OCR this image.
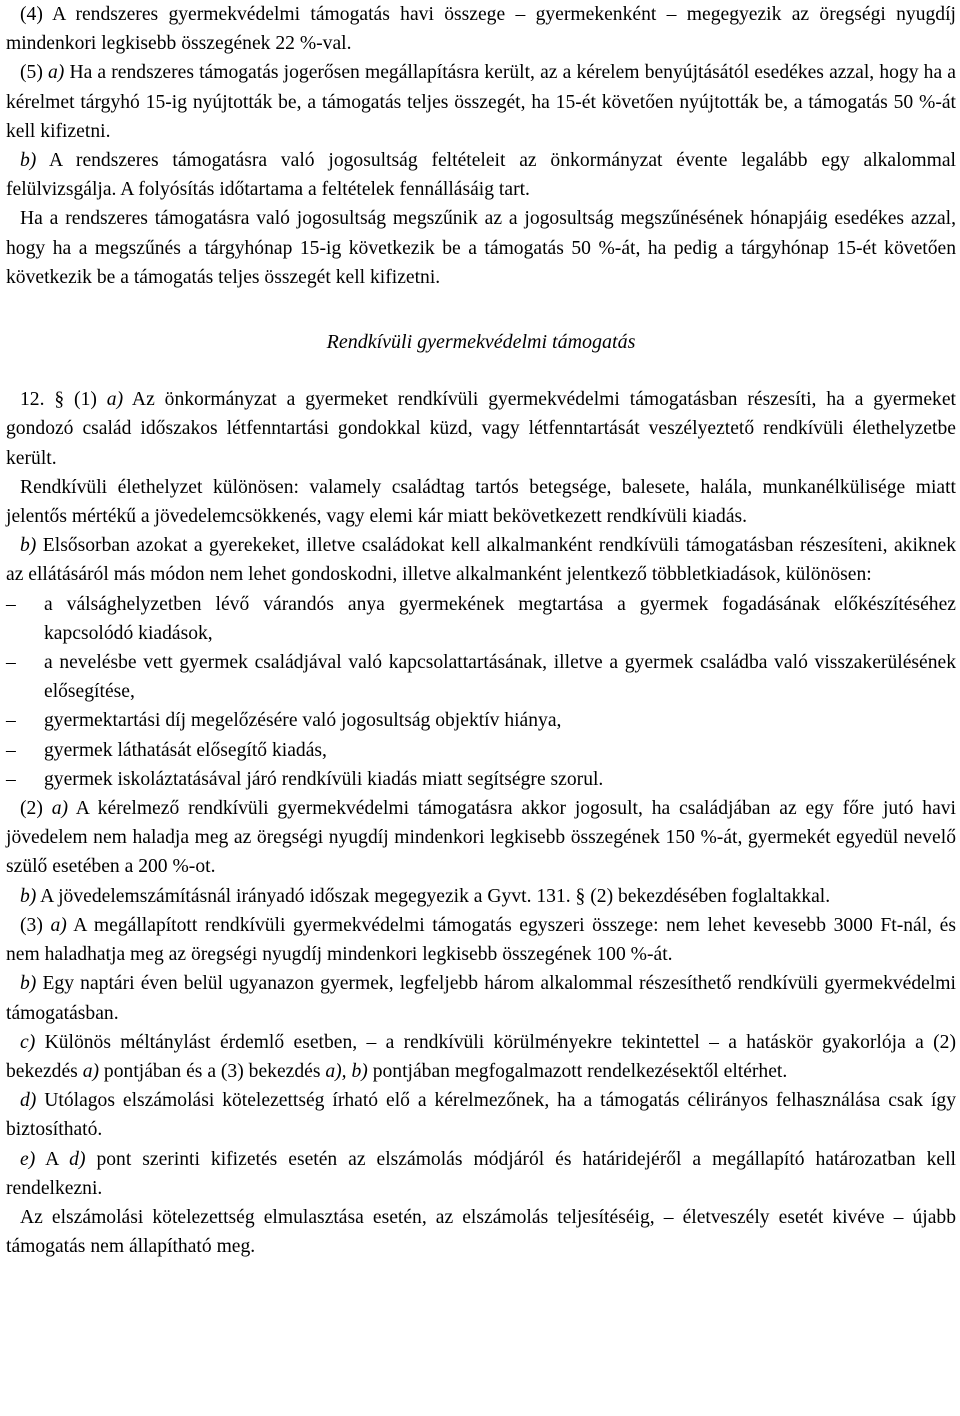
(4) A rendszeres gyermekvédelmi támogatás havi összege – gyermekenként – megegyezik az öregségi nyugdíj mindenkori legkisebb összegének 22 %-val.

(5) a) Ha a rendszeres támogatás jogerősen megállapításra került, az a kérelem benyújtásától esedékes azzal, hogy ha a kérelmet tárgyhó 15-ig nyújtották be, a támogatás teljes összegét, ha 15-ét követően nyújtották be, a támogatás 50 %-át kell kifizetni.

b) A rendszeres támogatásra való jogosultság feltételeit az önkormányzat évente legalább egy alkalommal felülvizsgálja. A folyósítás időtartama a feltételek fennállásáig tart.

Ha a rendszeres támogatásra való jogosultság megszűnik az a jogosultság megszűnésének hónapjáig esedékes azzal, hogy ha a megszűnés a tárgyhónap 15-ig következik be a támogatás 50 %-át, ha pedig a tárgyhónap 15-ét követően következik be a támogatás teljes összegét kell kifizetni.

Rendkívüli gyermekvédelmi támogatás

12. § (1) a) Az önkormányzat a gyermeket rendkívüli gyermekvédelmi támogatásban részesíti, ha a gyermeket gondozó család időszakos létfenntartási gondokkal küzd, vagy létfenntartását veszélyeztető rendkívüli élethelyzetbe került.

Rendkívüli élethelyzet különösen: valamely családtag tartós betegsége, balesete, halála, munkanélkülisége miatt jelentős mértékű a jövedelemcsökkenés, vagy elemi kár miatt bekövetkezett rendkívüli kiadás.

b) Elsősorban azokat a gyerekeket, illetve családokat kell alkalmanként rendkívüli támogatásban részesíteni, akiknek az ellátásáról más módon nem lehet gondoskodni, illetve alkalmanként jelentkező többletkiadások, különösen:

– a válsághelyzetben lévő várandós anya gyermekének megtartása a gyermek fogadásának előkészítéséhez kapcsolódó kiadások,

– a nevelésbe vett gyermek családjával való kapcsolattartásának, illetve a gyermek családba való visszakerülésének elősegítése,

– gyermektartási díj megelőzésére való jogosultság objektív hiánya,

– gyermek láthatását elősegítő kiadás,

– gyermek iskoláztatásával járó rendkívüli kiadás miatt segítségre szorul.

(2) a) A kérelmező rendkívüli gyermekvédelmi támogatásra akkor jogosult, ha családjában az egy főre jutó havi jövedelem nem haladja meg az öregségi nyugdíj mindenkori legkisebb összegének 150 %-át, gyermekét egyedül nevelő szülő esetében a 200 %-ot.

b) A jövedelemszámításnál irányadó időszak megegyezik a Gyvt. 131. § (2) bekezdésében foglaltakkal.

(3) a) A megállapított rendkívüli gyermekvédelmi támogatás egyszeri összege: nem lehet kevesebb 3000 Ft-nál, és nem haladhatja meg az öregségi nyugdíj mindenkori legkisebb összegének 100 %-át.

b) Egy naptári éven belül ugyanazon gyermek, legfeljebb három alkalommal részesíthető rendkívüli gyermekvédelmi támogatásban.

c) Különös méltánylást érdemlő esetben, – a rendkívüli körülményekre tekintettel – a hatáskör gyakorlója a (2) bekezdés a) pontjában és a (3) bekezdés a), b) pontjában megfogalmazott rendelkezésektől eltérhet.

d) Utólagos elszámolási kötelezettség írható elő a kérelmezőnek, ha a támogatás célirányos felhasználása csak így biztosítható.

e) A d) pont szerinti kifizetés esetén az elszámolás módjáról és határidejéről a megállapító határozatban kell rendelkezni.

Az elszámolási kötelezettség elmulasztása esetén, az elszámolás teljesítéséig, – életveszély esetét kivéve – újabb támogatás nem állapítható meg.
